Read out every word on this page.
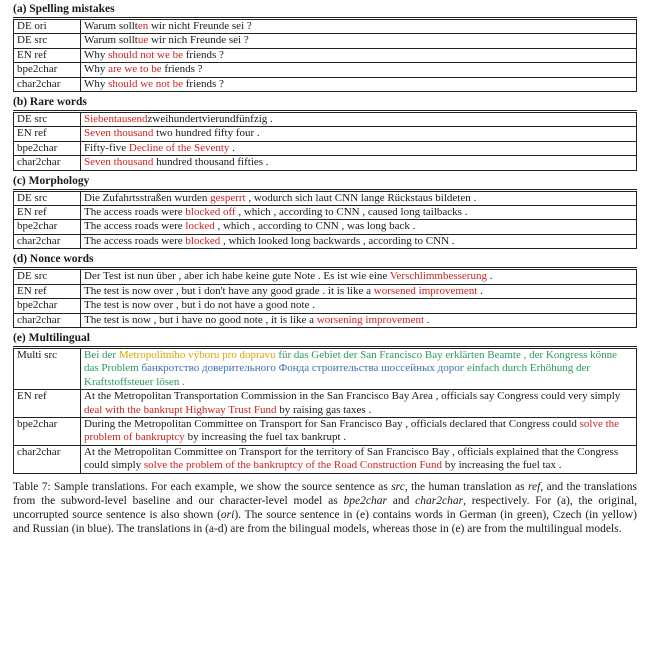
(a) Spelling mistakes
DE ori	Warum sollten wir nicht Freunde sei ?
DE src	Warum solltue wir nich Freunde sei ?
EN ref	Why should not we be friends ?
bpe2char	Why are we to be friends ?
char2char	Why should we not be friends ?
(b) Rare words
DE src	Siebentausendzweihundertvierundfünfzig .
EN ref	Seven thousand two hundred fifty four .
bpe2char	Fifty-five Decline of the Seventy .
char2char	Seven thousand hundred thousand fifties .
(c) Morphology
DE src	Die Zufahrtsstraßen wurden gesperrt , wodurch sich laut CNN lange Rückstaus bildeten .
EN ref	The access roads were blocked off , which , according to CNN , caused long tailbacks .
bpe2char	The access roads were locked , which , according to CNN , was long back .
char2char	The access roads were blocked , which looked long backwards , according to CNN .
(d) Nonce words
DE src	Der Test ist nun über , aber ich habe keine gute Note . Es ist wie eine Verschlimmbesserung .
EN ref	The test is now over , but i don't have any good grade . it is like a worsened improvement .
bpe2char	The test is now over , but i do not have a good note .
char2char	The test is now , but i have no good note , it is like a worsening improvement .
(e) Multilingual
Multi src	Bei der Metropolitního výboru pro dopravu für das Gebiet der San Francisco Bay erklärten Beamte , der Kongress könne das Problem банкротство доверительного Фонда строительства шоссейных дорог einfach durch Erhöhung der Kraftstoffsteuer lösen .
EN ref	At the Metropolitan Transportation Commission in the San Francisco Bay Area , officials say Congress could very simply deal with the bankrupt Highway Trust Fund by raising gas taxes .
bpe2char	During the Metropolitan Committee on Transport for San Francisco Bay , officials declared that Congress could solve the problem of bankruptcy by increasing the fuel tax bankrupt .
char2char	At the Metropolitan Committee on Transport for the territory of San Francisco Bay , officials explained that the Congress could simply solve the problem of the bankruptcy of the Road Construction Fund by increasing the fuel tax .
Table 7: Sample translations. For each example, we show the source sentence as src, the human translation as ref, and the translations from the subword-level baseline and our character-level model as bpe2char and char2char, respectively. For (a), the original, uncorrupted source sentence is also shown (ori). The source sentence in (e) contains words in German (in green), Czech (in yellow) and Russian (in blue). The translations in (a-d) are from the bilingual models, whereas those in (e) are from the multilingual models.
